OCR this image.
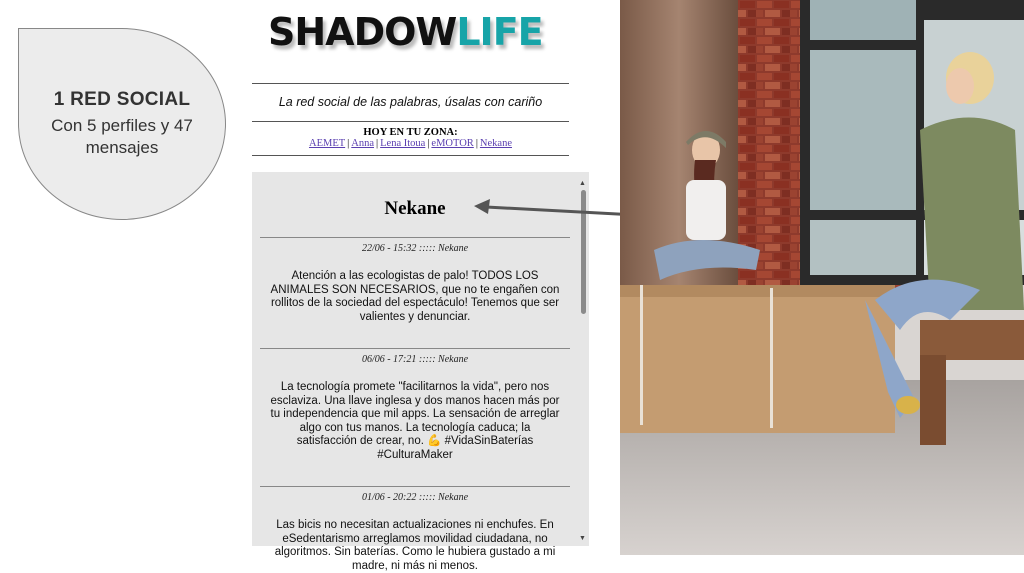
1 RED SOCIAL
Con 5 perfiles y 47 mensajes
SHADOWLIFE
La red social de las palabras, úsalas con cariño
HOY EN TU ZONA:
AEMET | Anna | Lena Itoua | eMOTOR | Nekane
Nekane
22/06 - 15:32 ::::: Nekane
Atención a las ecologistas de palo! TODOS LOS ANIMALES SON NECESARIOS, que no te engañen con rollitos de la sociedad del espectáculo! Tenemos que ser valientes y denunciar.
06/06 - 17:21 ::::: Nekane
La tecnología promete "facilitarnos la vida", pero nos esclaviza. Una llave inglesa y dos manos hacen más por tu independencia que mil apps. La sensación de arreglar algo con tus manos. La tecnología caduca; la satisfacción de crear, no. 💪 #VidaSinBaterías #CulturaMaker
01/06 - 20:22 ::::: Nekane
Las bicis no necesitan actualizaciones ni enchufes. En eSedentarismo arreglamos movilidad ciudadana, no algoritmos. Sin baterías. Como le hubiera gustado a mi madre, ni más ni menos.
▲
▼
